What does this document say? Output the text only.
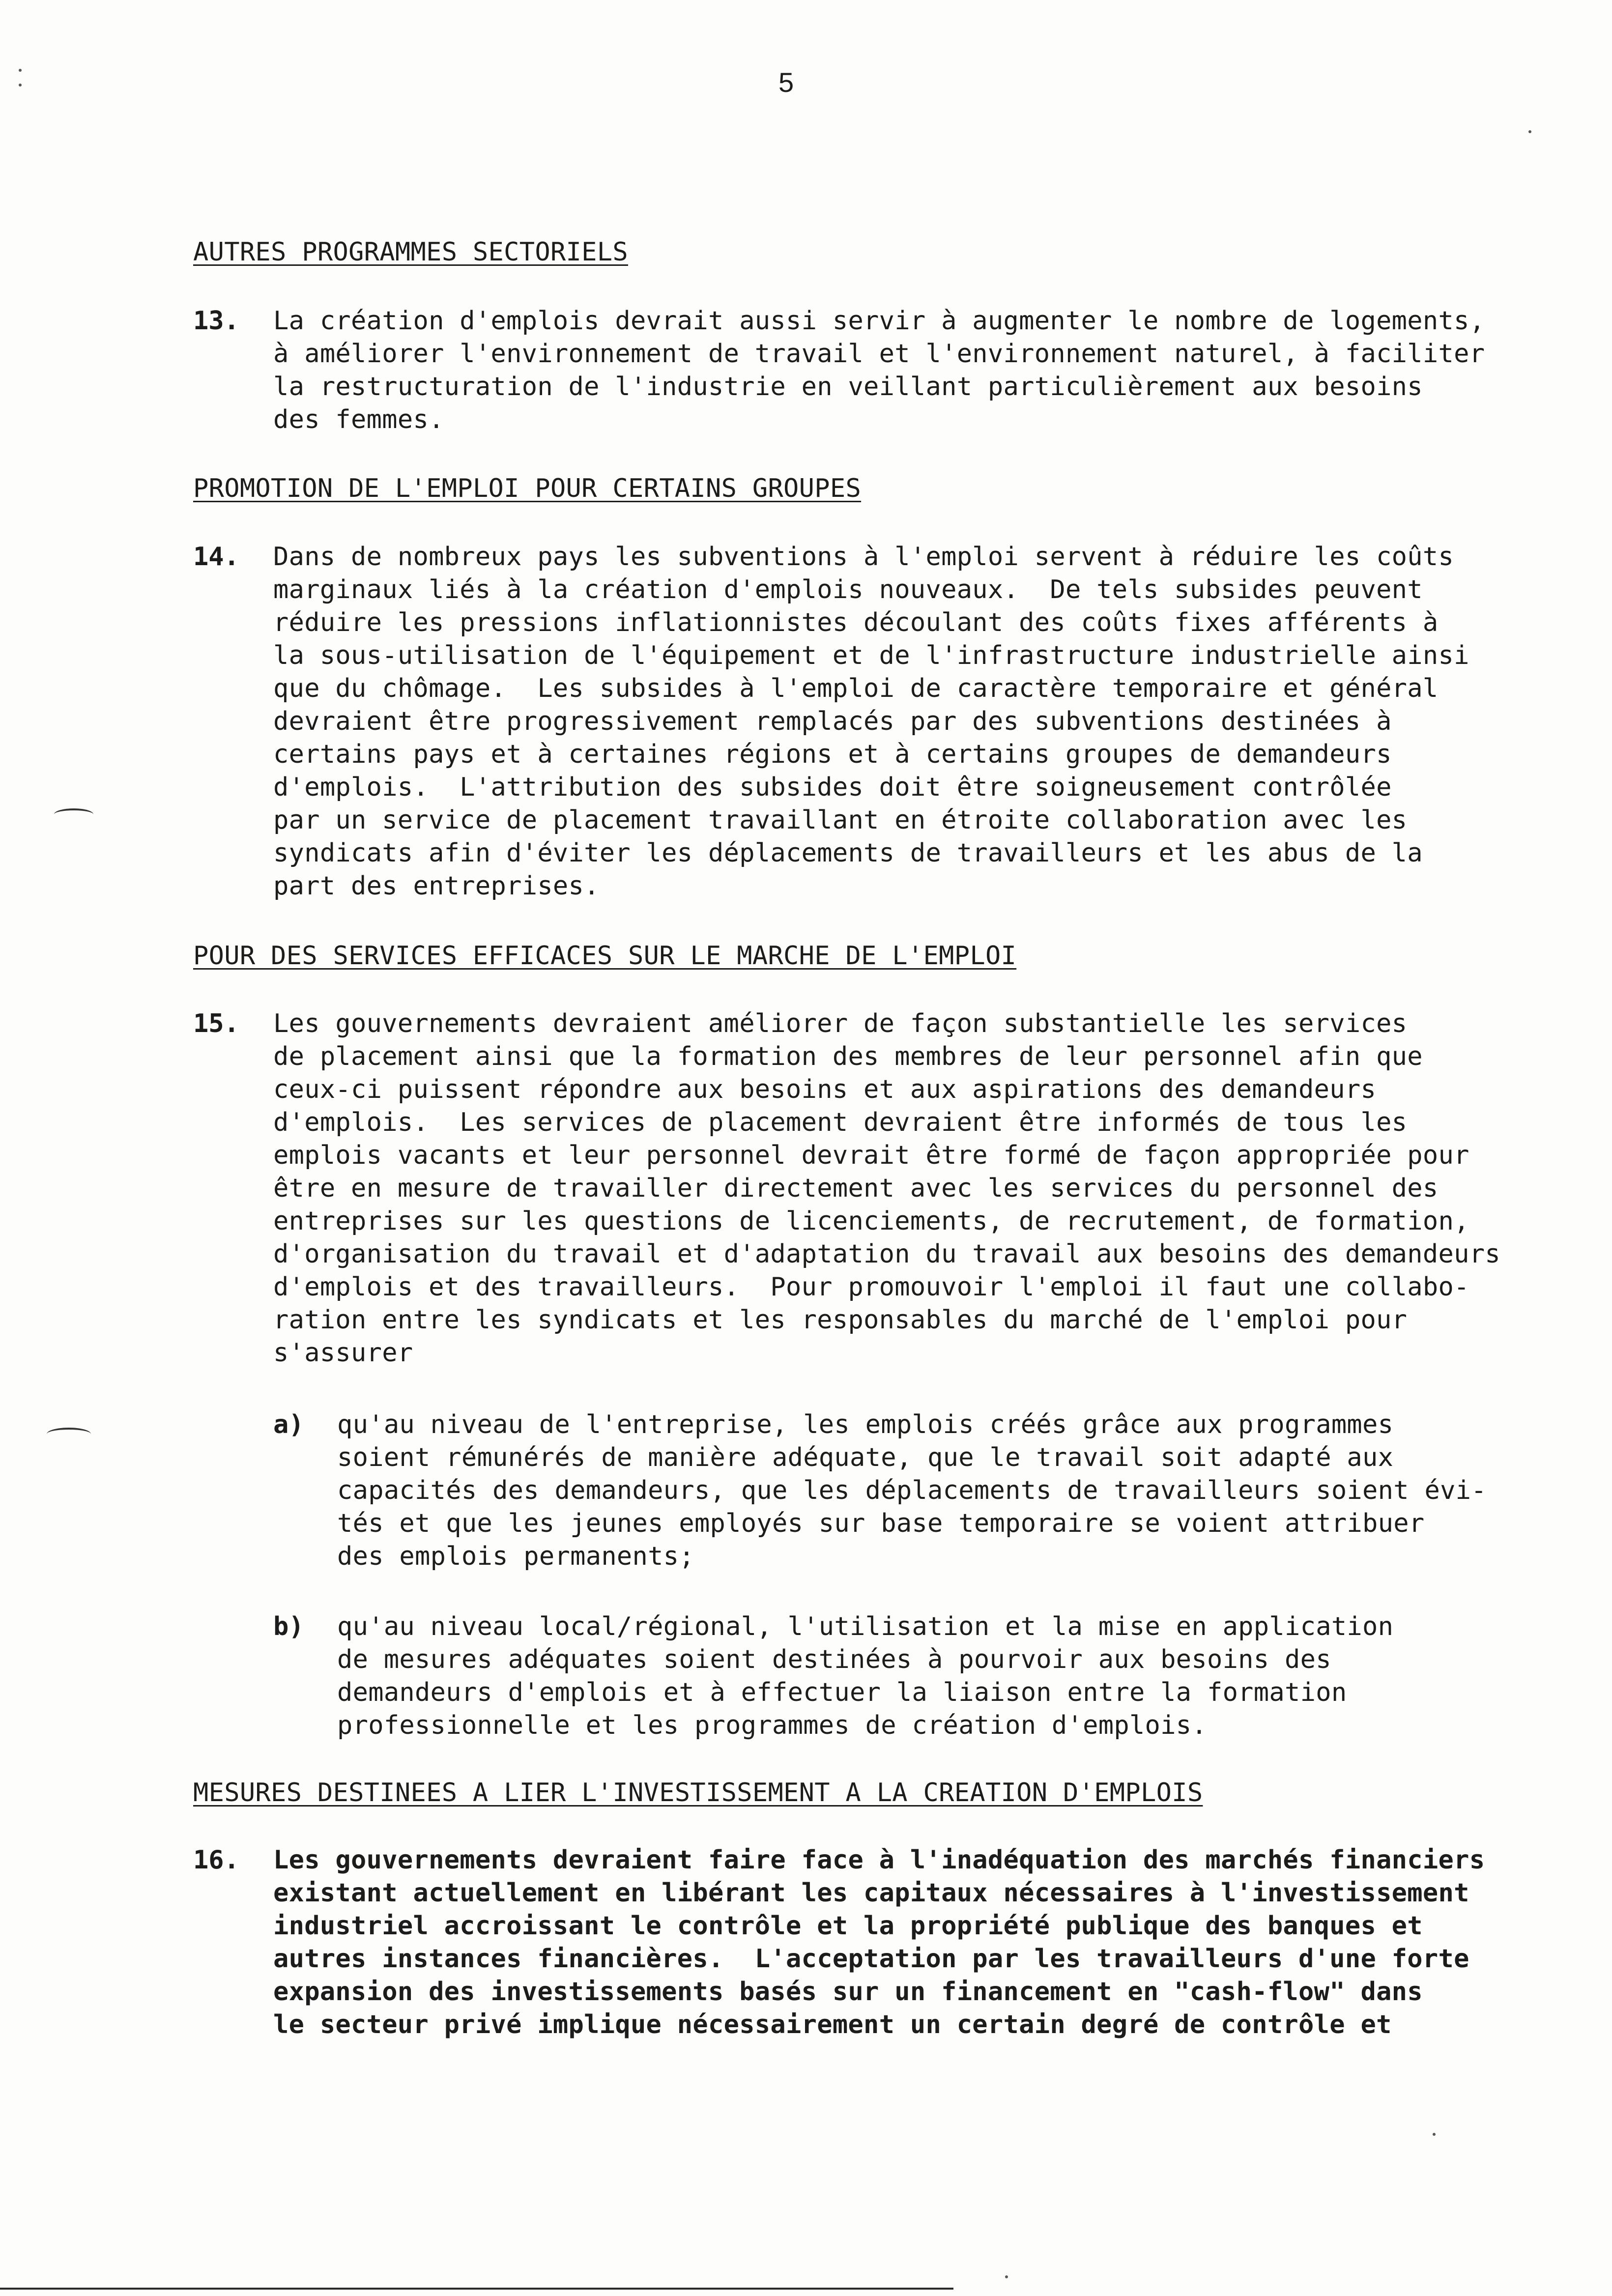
5
AUTRES PROGRAMMES SECTORIELS
13. La création d'emplois devrait aussi servir à augmenter le nombre de logements,
à améliorer l'environnement de travail et l'environnement naturel, à faciliter
la restructuration de l'industrie en veillant particulièrement aux besoins
des femmes.
PROMOTION DE L'EMPLOI POUR CERTAINS GROUPES
14. Dans de nombreux pays les subventions à l'emploi servent à réduire les coûts
marginaux liés à la création d'emplois nouveaux.  De tels subsides peuvent
réduire les pressions inflationnistes découlant des coûts fixes afférents à
la sous-utilisation de l'équipement et de l'infrastructure industrielle ainsi
que du chômage.  Les subsides à l'emploi de caractère temporaire et général
devraient être progressivement remplacés par des subventions destinées à
certains pays et à certaines régions et à certains groupes de demandeurs
d'emplois.  L'attribution des subsides doit être soigneusement contrôlée
par un service de placement travaillant en étroite collaboration avec les
syndicats afin d'éviter les déplacements de travailleurs et les abus de la
part des entreprises.
POUR DES SERVICES EFFICACES SUR LE MARCHE DE L'EMPLOI
15. Les gouvernements devraient améliorer de façon substantielle les services
de placement ainsi que la formation des membres de leur personnel afin que
ceux-ci puissent répondre aux besoins et aux aspirations des demandeurs
d'emplois.  Les services de placement devraient être informés de tous les
emplois vacants et leur personnel devrait être formé de façon appropriée pour
être en mesure de travailler directement avec les services du personnel des
entreprises sur les questions de licenciements, de recrutement, de formation,
d'organisation du travail et d'adaptation du travail aux besoins des demandeurs
d'emplois et des travailleurs.  Pour promouvoir l'emploi il faut une collabo-
ration entre les syndicats et les responsables du marché de l'emploi pour
s'assurer
a) qu'au niveau de l'entreprise, les emplois créés grâce aux programmes
soient rémunérés de manière adéquate, que le travail soit adapté aux
capacités des demandeurs, que les déplacements de travailleurs soient évi-
tés et que les jeunes employés sur base temporaire se voient attribuer
des emplois permanents;
b) qu'au niveau local/régional, l'utilisation et la mise en application
de mesures adéquates soient destinées à pourvoir aux besoins des
demandeurs d'emplois et à effectuer la liaison entre la formation
professionnelle et les programmes de création d'emplois.
MESURES DESTINEES A LIER L'INVESTISSEMENT A LA CREATION D'EMPLOIS
16. Les gouvernements devraient faire face à l'inadéquation des marchés financiers
existant actuellement en libérant les capitaux nécessaires à l'investissement
industriel accroissant le contrôle et la propriété publique des banques et
autres instances financières.  L'acceptation par les travailleurs d'une forte
expansion des investissements basés sur un financement en "cash-flow" dans
le secteur privé implique nécessairement un certain degré de contrôle et
